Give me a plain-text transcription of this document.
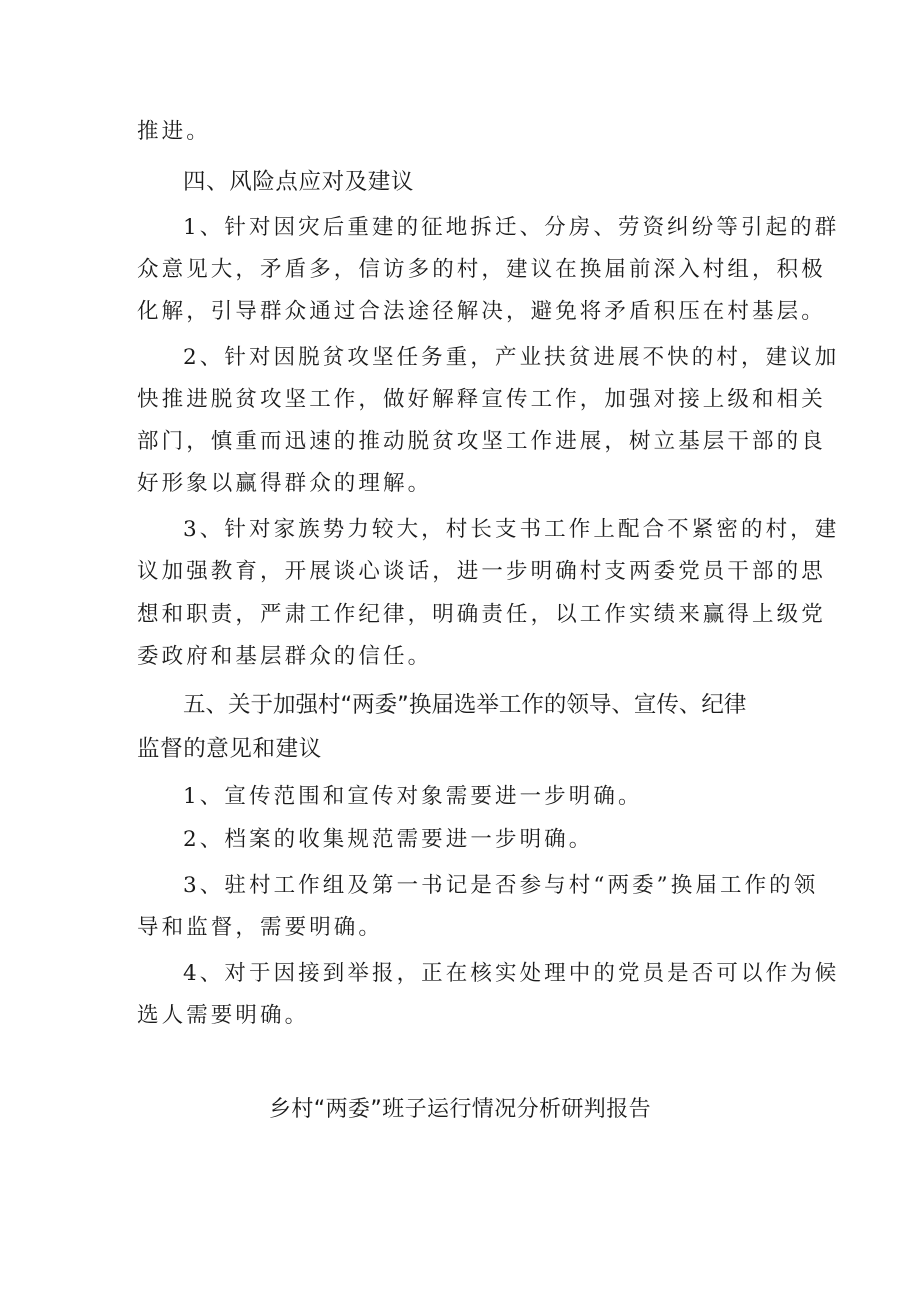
推进。
四、风险点应对及建议
1、针对因灾后重建的征地拆迁、分房、劳资纠纷等引起的群
众意见大，矛盾多，信访多的村，建议在换届前深入村组，积极
化解，引导群众通过合法途径解决，避免将矛盾积压在村基层。
2、针对因脱贫攻坚任务重，产业扶贫进展不快的村，建议加
快推进脱贫攻坚工作，做好解释宣传工作，加强对接上级和相关
部门，慎重而迅速的推动脱贫攻坚工作进展，树立基层干部的良
好形象以赢得群众的理解。
3、针对家族势力较大，村长支书工作上配合不紧密的村，建
议加强教育，开展谈心谈话，进一步明确村支两委党员干部的思
想和职责，严肃工作纪律，明确责任，以工作实绩来赢得上级党
委政府和基层群众的信任。
五、关于加强村“两委”换届选举工作的领导、宣传、纪律
监督的意见和建议
1、宣传范围和宣传对象需要进一步明确。
2、档案的收集规范需要进一步明确。
3、驻村工作组及第一书记是否参与村“两委”换届工作的领
导和监督，需要明确。
4、对于因接到举报，正在核实处理中的党员是否可以作为候
选人需要明确。
乡村“两委”班子运行情况分析研判报告
